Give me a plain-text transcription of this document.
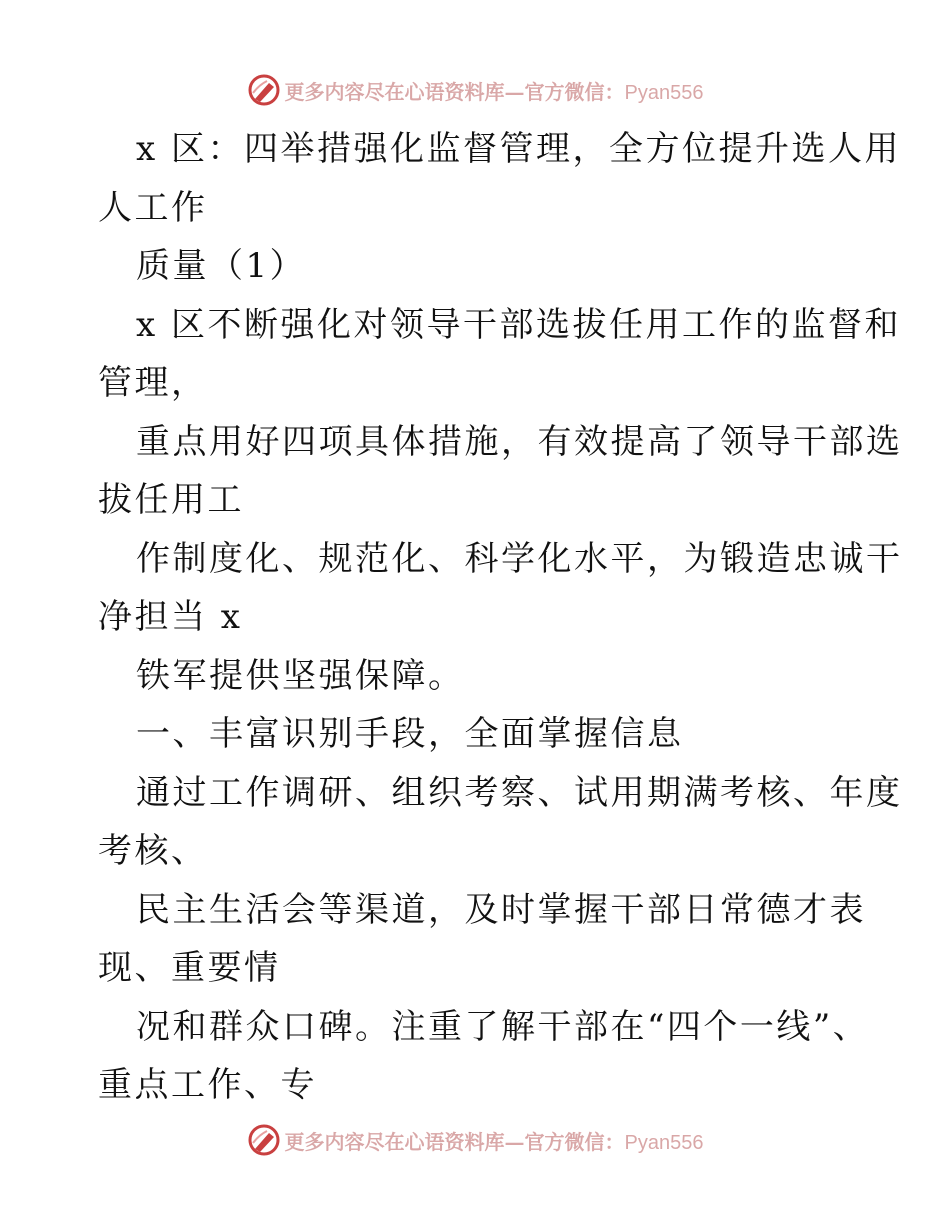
更多内容尽在心语资料库—官方微信：Pyan556
x 区：四举措强化监督管理，全方位提升选人用
人工作
质量（1）
x 区不断强化对领导干部选拔任用工作的监督和
管理，
重点用好四项具体措施，有效提高了领导干部选
拔任用工
作制度化、规范化、科学化水平，为锻造忠诚干
净担当 x
铁军提供坚强保障。
一、丰富识别手段，全面掌握信息
通过工作调研、组织考察、试用期满考核、年度
考核、
民主生活会等渠道，及时掌握干部日常德才表
现、重要情
况和群众口碑。注重了解干部在“四个一线”、
重点工作、专
更多内容尽在心语资料库—官方微信：Pyan556
